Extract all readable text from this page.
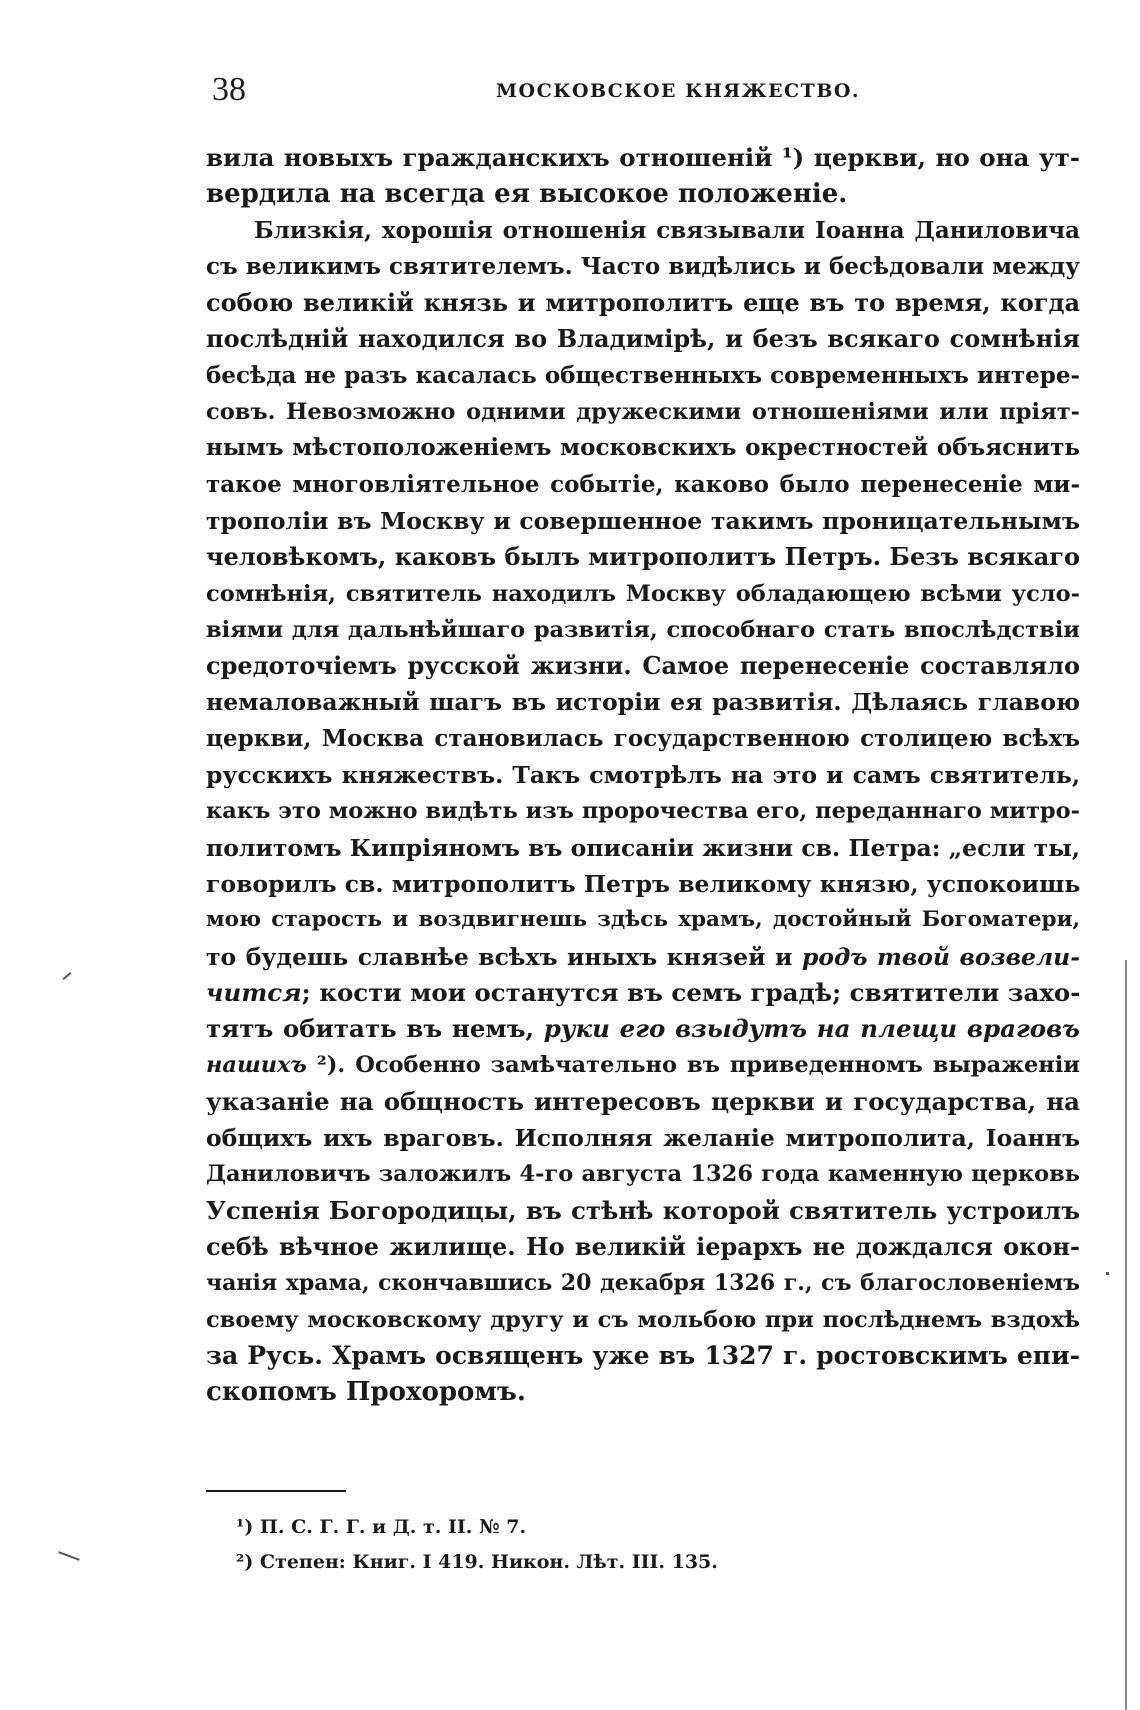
38	МОСКОВСКОЕ КНЯЖЕСТВО.
вила новыхъ гражданскихъ отношеній ¹) церкви, но она ут-
вердила на всегда ея высокое положеніе.
Близкія, хорошія отношенія связывали Іоанна Даниловича
съ великимъ святителемъ. Часто видѣлись и бесѣдовали между
собою великій князь и митрополитъ еще въ то время, когда
послѣдній находился во Владимірѣ, и безъ всякаго сомнѣнія
бесѣда не разъ касалась общественныхъ современныхъ интере-
совъ. Невозможно одними дружескими отношеніями или пріят-
нымъ мѣстоположеніемъ московскихъ окрестностей объяснить
такое многовліятельное событіе, каково было перенесеніе ми-
трополіи въ Москву и совершенное такимъ проницательнымъ
человѣкомъ, каковъ былъ митрополитъ Петръ. Безъ всякаго
сомнѣнія, святитель находилъ Москву обладающею всѣми усло-
віями для дальнѣйшаго развитія, способнаго стать впослѣдствіи
средоточіемъ русской жизни. Самое перенесеніе составляло
немаловажный шагъ въ исторіи ея развитія. Дѣлаясь главою
церкви, Москва становилась государственною столицею всѣхъ
русскихъ княжествъ. Такъ смотрѣлъ на это и самъ святитель,
какъ это можно видѣть изъ пророчества его, переданнаго митро-
политомъ Кипріяномъ въ описаніи жизни св. Петра: „если ты,
говорилъ св. митрополитъ Петръ великому князю, успокоишь
мою старость и воздвигнешь здѣсь храмъ, достойный Богоматери,
то будешь славнѣе всѣхъ иныхъ князей и родъ твой возвели-
чится; кости мои останутся въ семъ градѣ; святители захо-
тятъ обитать въ немъ, руки его взыдутъ на плещи враговъ
нашихъ ²). Особенно замѣчательно въ приведенномъ выраженіи
указаніе на общность интересовъ церкви и государства, на
общихъ ихъ враговъ. Исполняя желаніе митрополита, Іоаннъ
Даниловичъ заложилъ 4-го августа 1326 года каменную церковь
Успенія Богородицы, въ стѣнѣ которой святитель устроилъ
себѣ вѣчное жилище. Но великій іерархъ не дождался окон-
чанія храма, скончавшись 20 декабря 1326 г., съ благословеніемъ
своему московскому другу и съ мольбою при послѣднемъ вздохѣ
за Русь. Храмъ освященъ уже въ 1327 г. ростовскимъ епи-
скопомъ Прохоромъ.
¹) П. С. Г. Г. и Д. т. II. № 7.
²) Степен: Книг. I 419. Никон. Лѣт. III. 135.
